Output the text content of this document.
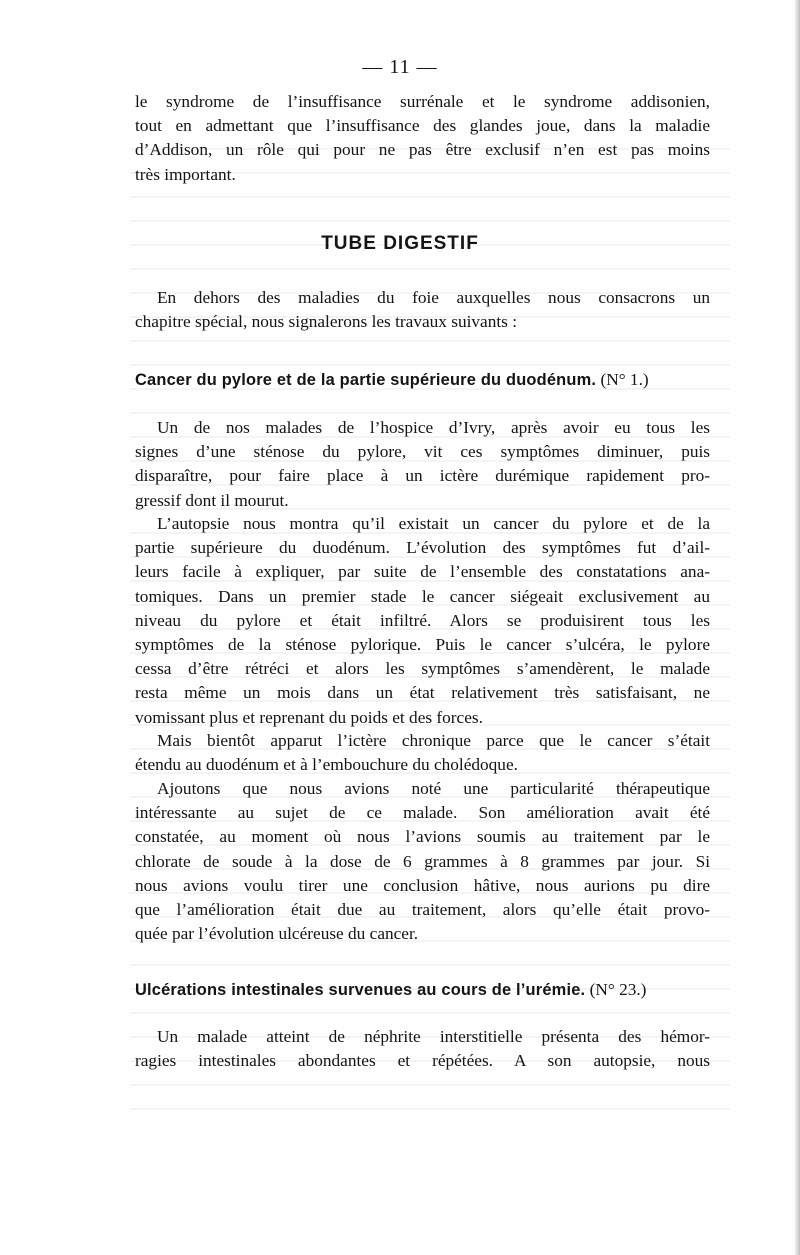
— 11 —
le syndrome de l’insuffisance surrénale et le syndrome addisonien,
tout en admettant que l’insuffisance des glandes joue, dans la maladie
d’Addison, un rôle qui pour ne pas être exclusif n’en est pas moins
très important.
TUBE DIGESTIF
En dehors des maladies du foie auxquelles nous consacrons un
chapitre spécial, nous signalerons les travaux suivants :
Cancer du pylore et de la partie supérieure du duodénum. (N° 1.)
Un de nos malades de l’hospice d’Ivry, après avoir eu tous les
signes d’une sténose du pylore, vit ces symptômes diminuer, puis
disparaître, pour faire place à un ictère durémique rapidement pro-
gressif dont il mourut.
L’autopsie nous montra qu’il existait un cancer du pylore et de la
partie supérieure du duodénum. L’évolution des symptômes fut d’ail-
leurs facile à expliquer, par suite de l’ensemble des constatations ana-
tomiques. Dans un premier stade le cancer siégeait exclusivement au
niveau du pylore et était infiltré. Alors se produisirent tous les
symptômes de la sténose pylorique. Puis le cancer s’ulcéra, le pylore
cessa d’être rétréci et alors les symptômes s’amendèrent, le malade
resta même un mois dans un état relativement très satisfaisant, ne
vomissant plus et reprenant du poids et des forces.
Mais bientôt apparut l’ictère chronique parce que le cancer s’était
étendu au duodénum et à l’embouchure du cholédoque.
Ajoutons que nous avions noté une particularité thérapeutique
intéressante au sujet de ce malade. Son amélioration avait été
constatée, au moment où nous l’avions soumis au traitement par le
chlorate de soude à la dose de 6 grammes à 8 grammes par jour. Si
nous avions voulu tirer une conclusion hâtive, nous aurions pu dire
que l’amélioration était due au traitement, alors qu’elle était provo-
quée par l’évolution ulcéreuse du cancer.
Ulcérations intestinales survenues au cours de l’urémie. (N° 23.)
Un malade atteint de néphrite interstitielle présenta des hémor-
ragies intestinales abondantes et répétées. A son autopsie, nous
